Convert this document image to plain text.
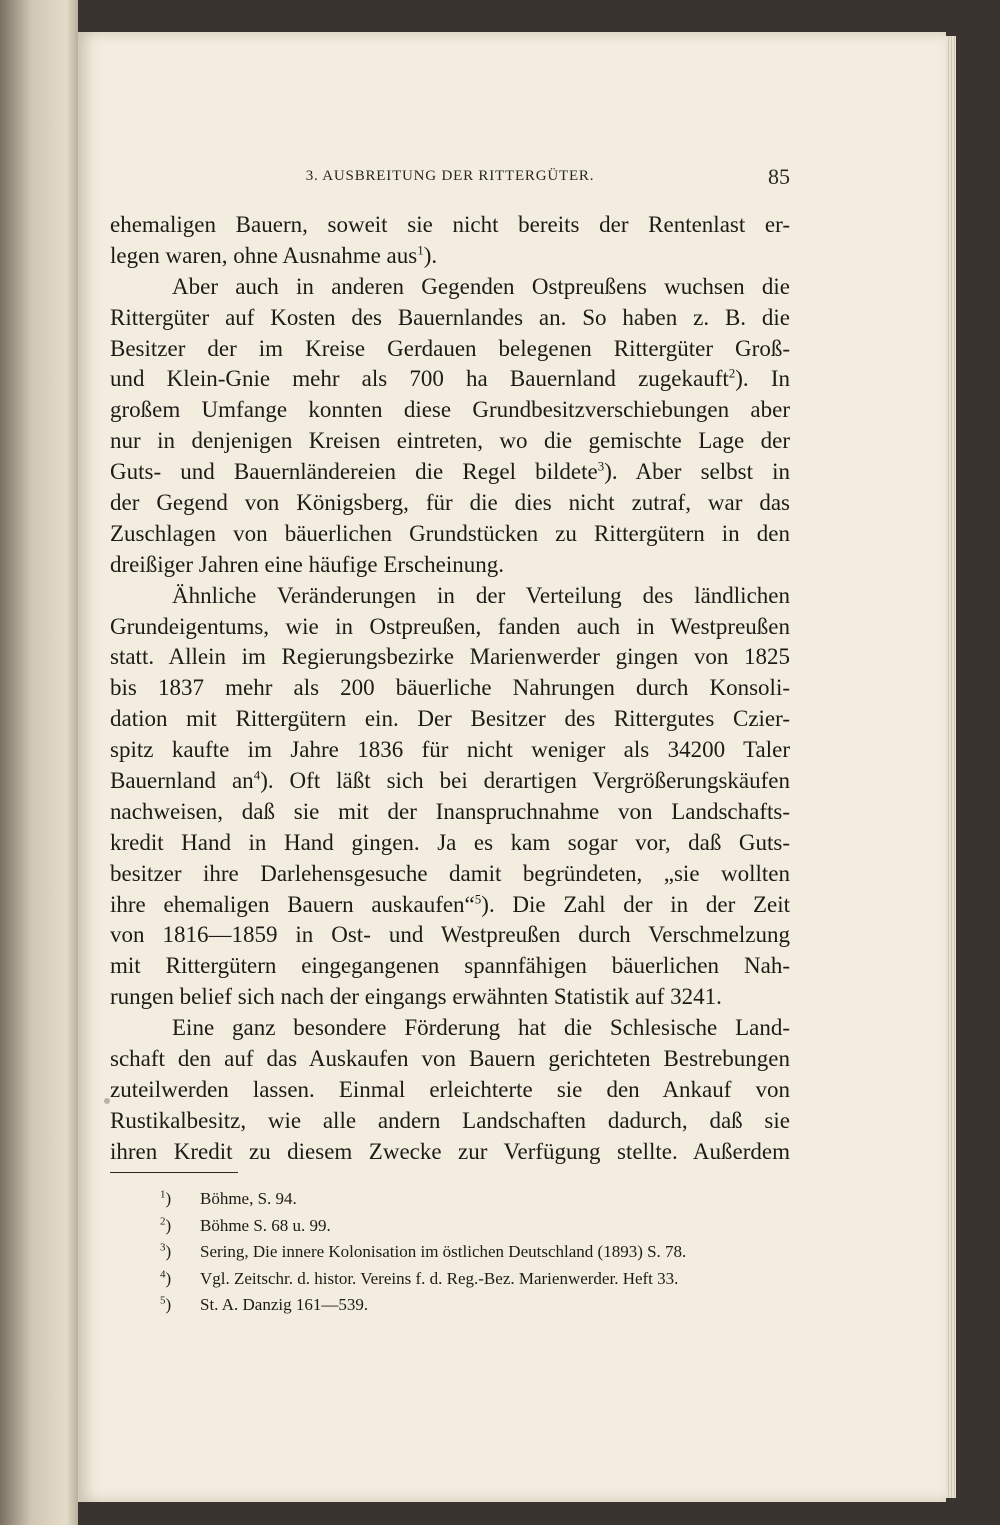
3. AUSBREITUNG DER RITTERGÜTER.	85
ehemaligen Bauern, soweit sie nicht bereits der Rentenlast er-
legen waren, ohne Ausnahme aus$^1$).
Aber auch in anderen Gegenden Ostpreußens wuchsen die
Rittergüter auf Kosten des Bauernlandes an. So haben z. B. die
Besitzer der im Kreise Gerdauen belegenen Rittergüter Groß-
und Klein-Gnie mehr als 700 ha Bauernland zugekauft$^2$). In
großem Umfange konnten diese Grundbesitzverschiebungen aber
nur in denjenigen Kreisen eintreten, wo die gemischte Lage der
Guts- und Bauernländereien die Regel bildete$^3$). Aber selbst in
der Gegend von Königsberg, für die dies nicht zutraf, war das
Zuschlagen von bäuerlichen Grundstücken zu Rittergütern in den
dreißiger Jahren eine häufige Erscheinung.
Ähnliche Veränderungen in der Verteilung des ländlichen
Grundeigentums, wie in Ostpreußen, fanden auch in Westpreußen
statt. Allein im Regierungsbezirke Marienwerder gingen von 1825
bis 1837 mehr als 200 bäuerliche Nahrungen durch Konsoli-
dation mit Rittergütern ein. Der Besitzer des Rittergutes Czier-
spitz kaufte im Jahre 1836 für nicht weniger als 34200 Taler
Bauernland $an^4$). Oft läßt sich bei derartigen Vergrößerungskäufen
nachweisen, daß sie mit der Inanspruchnahme von Landschafts-
kredit Hand in Hand gingen. Ja es kam sogar vor, daß Guts-
besitzer ihre Darlehensgesuche damit begründeten, „sie wollten
ihre ehemaligen Bauern auskaufen“$^5$). Die Zahl der in der Zeit
von 1816—1859 in Ost- und Westpreußen durch Verschmelzung
mit Rittergütern eingegangenen spannfähigen bäuerlichen Nah-
rungen belief sich nach der eingangs erwähnten Statistik auf 3241.
Eine ganz besondere Förderung hat die Schlesische Land-
schaft den auf das Auskaufen von Bauern gerichteten Bestrebungen
zuteilwerden lassen. Einmal erleichterte sie den Ankauf von
Rustikalbesitz, wie alle andern Landschaften dadurch, daß sie
ihren Kredit zu diesem Zwecke zur Verfügung stellte. Außerdem
$^1$) Böhme, S. 94.
$^2$) Böhme S. 68 u. 99.
$^3$) Sering, Die innere Kolonisation im östlichen Deutschland (1893) S. 78.
$^4$) Vgl. Zeitschr. d. histor. Vereins f. d. Reg.-Bez. Marienwerder. Heft 33.
$^5$) St. A. Danzig 161—539.
